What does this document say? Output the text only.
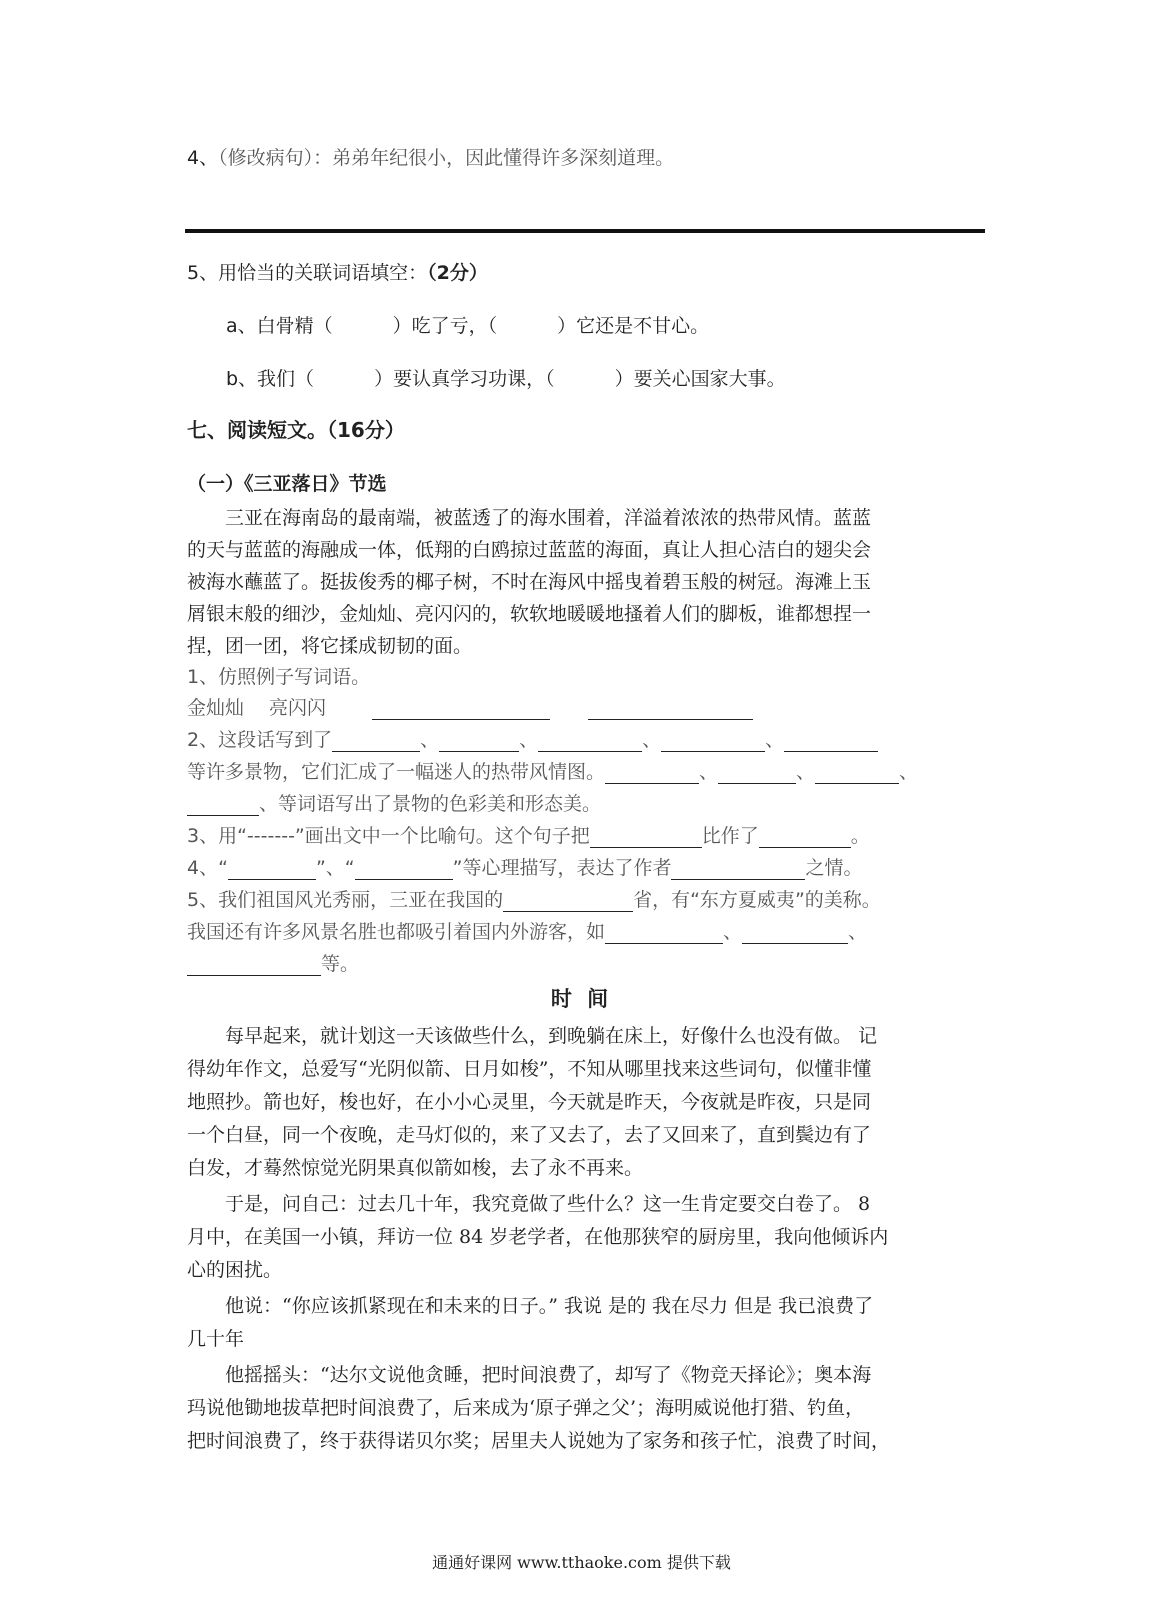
4、（修改病句）：弟弟年纪很小，因此懂得许多深刻道理。
5、用恰当的关联词语填空：（2分）
a、白骨精（	）吃了亏，（	）它还是不甘心。
b、我们（	）要认真学习功课，（	）要关心国家大事。
七、阅读短文。（16分）
（一）《三亚落日》节选
　　三亚在海南岛的最南端，被蓝透了的海水围着，洋溢着浓浓的热带风情。蓝蓝
的天与蓝蓝的海融成一体，低翔的白鸥掠过蓝蓝的海面，真让人担心洁白的翅尖会
被海水蘸蓝了。挺拔俊秀的椰子树，不时在海风中摇曳着碧玉般的树冠。海滩上玉
屑银末般的细沙，金灿灿、亮闪闪的，软软地暖暖地搔着人们的脚板，谁都想捏一
捏，团一团，将它揉成韧韧的面。
1、仿照例子写词语。
金灿灿　 亮闪闪
2、这段话写到了	、	、	、	、
等许多景物，它们汇成了一幅迷人的热带风情图。	、	、	、
、等词语写出了景物的色彩美和形态美。
3、用“-------”画出文中一个比喻句。这个句子把	比作了	。
4、“	”、“	”等心理描写，表达了作者	之情。
5、我们祖国风光秀丽，三亚在我国的	省，有“东方夏威夷”的美称。
我国还有许多风景名胜也都吸引着国内外游客，如	、	、
等。
时 间
　　每早起来，就计划这一天该做些什么，到晚躺在床上，好像什么也没有做。 记
得幼年作文，总爱写“光阴似箭、日月如梭”，不知从哪里找来这些词句，似懂非懂
地照抄。箭也好，梭也好，在小小心灵里，今天就是昨天，今夜就是昨夜，只是同
一个白昼，同一个夜晚，走马灯似的，来了又去了，去了又回来了，直到鬓边有了
白发，才蓦然惊觉光阴果真似箭如梭，去了永不再来。
　　于是，问自己：过去几十年，我究竟做了些什么？这一生肯定要交白卷了。 8
月中，在美国一小镇，拜访一位 84 岁老学者，在他那狭窄的厨房里，我向他倾诉内
心的困扰。
　　他说：“你应该抓紧现在和未来的日子。” 我说 是的 我在尽力 但是 我已浪费了
几十年
　　他摇摇头：“达尔文说他贪睡，把时间浪费了，却写了《物竞天择论》；奥本海
玛说他锄地拔草把时间浪费了，后来成为‘原子弹之父’；海明威说他打猎、钓鱼，
把时间浪费了，终于获得诺贝尔奖；居里夫人说她为了家务和孩子忙，浪费了时间，
通通好课网 www.tthaoke.com 提供下载
